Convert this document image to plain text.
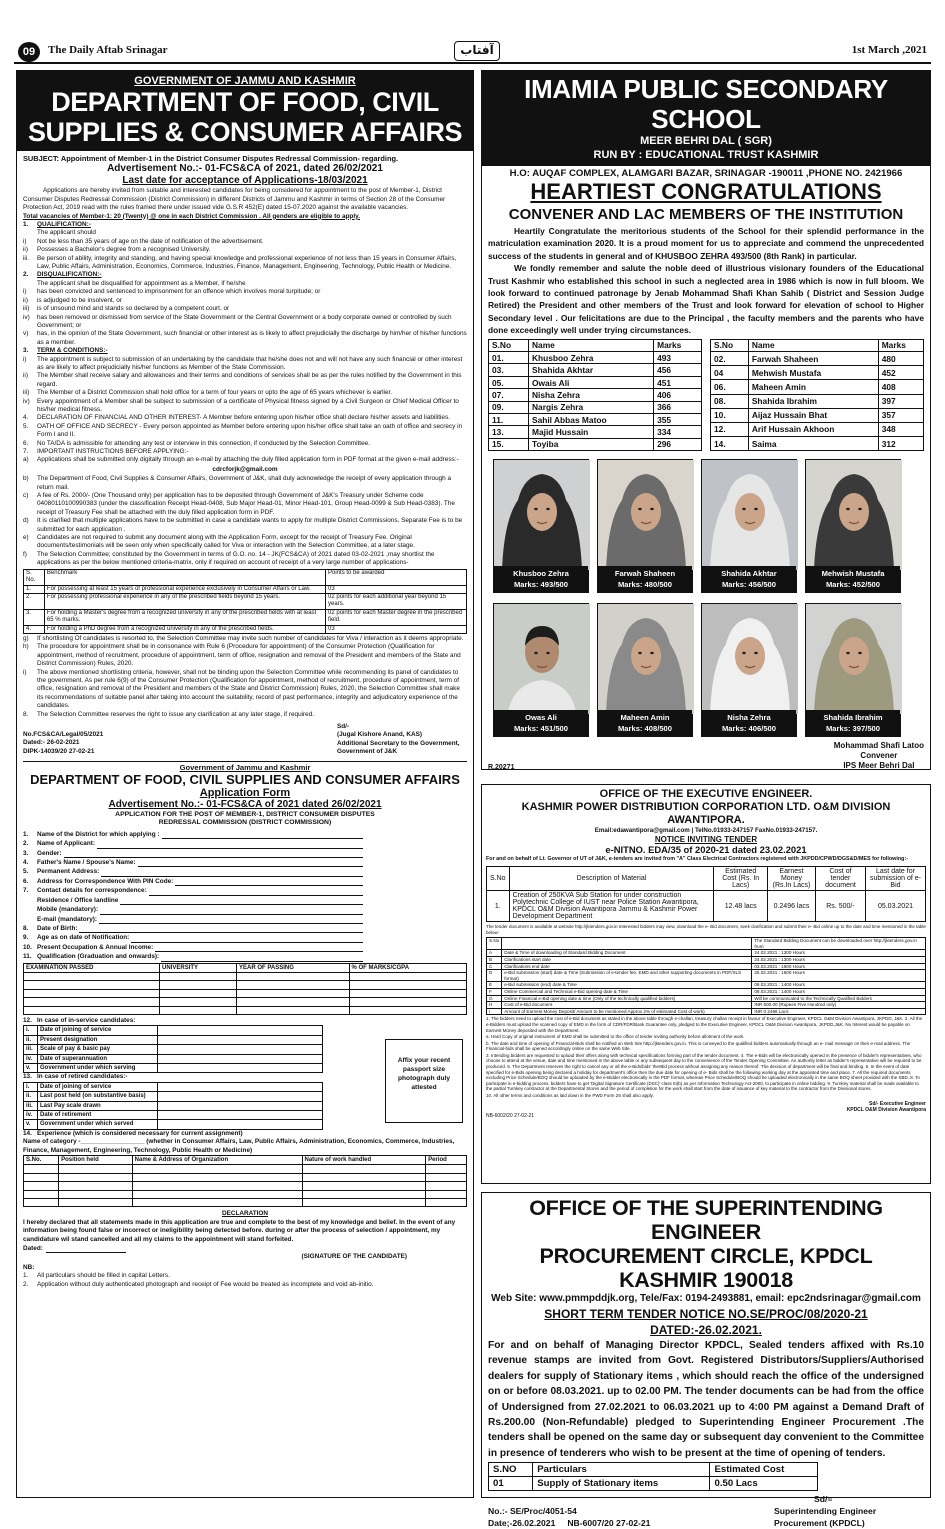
09	The Daily Aftab Srinagar	آفتاب	1st March ,2021
GOVERNMENT OF JAMMU AND KASHMIR
DEPARTMENT OF FOOD, CIVIL
SUPPLIES & CONSUMER AFFAIRS
SUBJECT: Appointment of Member-1 in the District Consumer Disputes Redressal Commission- regarding.
Advertisement No.:- 01-FCS&CA of 2021, dated 26/02/2021
Last date for acceptance of Applications-18/03/2021
Applications are hereby invited from suitable and interested candidates for being considered for appointment to the post of Member-1, District Consumer Disputes Redressal Commission (District Commission) in different Districts of Jammu and Kashmir in terms of Section 28 of the Consumer Protection Act, 2019 read with the rules framed there under issued vide G.S.R 452(E) dated 15-07.2020 against the available vacancies.
Total vacancies of Member-1: 20 (Twenty) @ one in each District Commission . All genders are eligible to apply.
1.	QUALIFICATION:-
The applicant should
i)	Not be less than 35 years of age on the date of notification of the advertisement.
ii)	Possesses a Bachelor's degree from a recognised University.
iii.	Be person of ability, integrity and standing, and having special knowledge and professional experience of not less than 15 years in Consumer Affairs, Law, Public Affairs, Administration, Economics, Commerce, Industries, Finance, Management, Engineering, Technology, Public Health or Medicine.
2.	DISQUALIFICATION:-
The applicant shall be disqualified for appointment as a Member, if he/she
i)	has been convicted and sentenced to imprisonment for an offence which involves moral turpitude; or
ii)	is adjudged to be insolvent, or
iii)	is of unsound mind and stands so declared by a competent court, or
iv)	has been removed or dismissed from service of the State Government or the Central Government or a body corporate owned or controlled by such Government; or
v)	has, in the opinion of the State Government, such financial or other interest as is likely to affect prejudicially the discharge by him/her of his/her functions as a member.
3.	TERM & CONDITIONS:-
i)	The appointment is subject to submission of an undertaking by the candidate that he/she does not and will not have any such financial or other interest as are likely to affect prejudicially his/her functions as Member of the State Commission.
ii)	The Member shall receive salary and allowances and their terms and conditions of services shall be as per the rules notified by the Government in this regard.
iii)	The Member of a District Commission shall hold office for a term of four years or upto the age of 65 years whichever is earlier.
iv)	Every appointment of a Member shall be subject to submission of a certificate of Physical fitness signed by a Civil Surgeon or Chief Medical Officer to his/her medical fitness.
4.	DECLARATION OF FINANCIAL AND OTHER INTEREST- A Member before entering upon his/her office shall declare his/her assets and liabilities.
5.	OATH OF OFFICE AND SECRECY - Every person appointed as Member before entering upon his/her office shall take an oath of office and secrecy in Form I and II.
6.	No TA/DA is admissible for attending any test or interview in this connection, if conducted by the Selection Committee.
7.	IMPORTANT INSTRUCTIONS BEFORE APPLYING:-
a)	Applications shall be submitted only digitally through an e-mail by attaching the duly filled application form in PDF format at the given e-mail address:-
cdrcforjk@gmail.com
b)	The Department of Food, Civil Supplies & Consumer Affairs, Government of J&K, shall duly acknowledge the receipt of every application through a return mail.
c)	A fee of Rs. 2000/- (One Thousand only) per application has to be deposited through Government of J&K's Treasury under Scheme code 04080110100990383 (under the classification Receipt Head-0408, Sub Major Head-01, Minor Head-101, Group Head-0099 & Sub Head-0383). The receipt of Treasury Fee shall be attached with the duly filled application form in PDF.
d)	It is clarified that multiple applications have to be submitted in case a candidate wants to apply for multiple District Commissions. Separate Fee is to be submitted for each application .
e)	Candidates are not required to submit any document along with the Application Form, except for the receipt of Treasury Fee. Original documents/testimonials will be seen only when specifically called for Viva or interaction with the Selection Committee, at a later stage.
f)	The Selection Committee; constituted by the Government in terms of G.O. no. 14 - JK(FCS&CA) of 2021 dated 03-02-2021 ,may shortlist the applications as per the below mentioned criteria-matrix, only if required on account of receipt of a very large number of applications-
S. No.	Benchmark	Points to be awarded
1.	For possessing at least 15 years of professional experience exclusively in Consumer Affairs or Law.	03
2.	For possessing professional experience in any of the prescribed fields beyond 15 years.	02 points for each additional year beyond 15 years.
3.	For holding a Master's degree from a recognized university in any of the prescribed fields with at least 65 % marks.	02 points for each Master degree in the prescribed field.
4.	For holding a PhD degree from a recognized university in any of the prescribed fields.	03
g)	If shortlisting Of candidates is resorted to, the Selection Committee may invite such number of candidates for Viva / interaction as it deems appropriate.
h)	The procedure for appointment shall be in consonance with Rule 6 (Procedure for appointment) of the Consumer Protection (Qualification for appointment, method of recruitment, procedure of appointment, term of office, resignation and removal of the President and members of the State and District Commission) Rules, 2020.
i)	The above mentioned shortlisting criteria, however, shall not be binding upon the Selection Committee while recommending its panel of candidates to the government. As per rule 6(9) of the Consumer Protection (Qualification for appointment, method of recruitment, procedure of appointment, term of office, resignation and removal of the President and members of the State and District Commission) Rules, 2020, the Selection Committee shall make its recommendations of suitable panel after taking into account the suitability, record of past performance, integrity and adjudicatory experience of the candidates.
8.	The Selection Committee reserves the right to issue any clarification at any later stage, if required.
No.FCS&CA/Legal/05/2021
Dated:- 26-02-2021
DIPK-14039/20 27-02-21
Sd/-
(Jugal Kishore Anand, KAS)
Additional Secretary to the Government,
Government of J&K
Government of Jammu and Kashmir
DEPARTMENT OF FOOD, CIVIL SUPPLIES AND CONSUMER AFFAIRS
Application Form
Advertisement No.:- 01-FCS&CA of 2021 dated 26/02/2021
APPLICATION FOR THE POST OF MEMBER-1, DISTRICT CONSUMER DISPUTES
REDRESSAL COMMISSION (DISTRICT COMMISSION)
1.	Name of the District for which applying :
2.	Name of Applicant:
3.	Gender:
4.	Father's Name / Spouse's Name:
5.	Permanent Address:
6.	Address for Correspondence With PIN Code:
7.	Contact details for correspondence:
Residence / Office landline
Mobile (mandatory):
E-mail (mandatory):
8.	Date of Birth:
9.	Age as on date of Notification:
10. Present Occupation & Annual Income:
11. Qualification (Graduation and onwards):
EXAMINATION PASSED	UNIVERSITY	YEAR OF PASSING	% OF MARKS/CGPA

12. In case of in-service candidates:
i.	Date of joining of service	
ii.	Present designation	
iii.	Scale of pay & basic pay	
iv.	Date of superannuation	
v.	Government under which serving	
13. In case of retired candidates:-
i.	Date of joining of service	
ii.	Last post held (on substantive basis)	
iii.	Last Pay scale drawn	
iv.	Date of retirement	
v.	Government under which served	
14. Experience (which is considered necessary for current assignment)
Name of category -__________________ (whether in Consumer Affairs, Law, Public Affairs, Administration, Economics, Commerce, Industries, Finance, Management, Engineering, Technology, Public Health or Medicine)
S.No.	Position held	Name & Address of Organization	Nature of work handled	Period

DECLARATION
I hereby declared that all statements made in this application are true and complete to the best of my knowledge and belief. In the event of any information being found false or incorrect or ineligibility being detected before. during or after the process of selection / appointment, my candidature wil stand cancelled and all my claims to the appointment will stand forfeited.
Dated:
(SIGNATURE OF THE CANDIDATE)
NB:
1.	All particulars should be filled in capital Letters.
2.	Application without duly authenticated photograph and receipt of Fee would be treated as incomplete and void ab-initio.
Affix your recent passport size photograph duly attested
IMAMIA PUBLIC SECONDARY SCHOOL
MEER BEHRI DAL ( SGR)
RUN BY : EDUCATIONAL TRUST KASHMIR
H.O: AUQAF COMPLEX, ALAMGARI BAZAR, SRINAGAR -190011 ,PHONE NO. 2421966
HEARTIEST CONGRATULATIONS
CONVENER AND LAC MEMBERS OF THE INSTITUTION
Heartily Congratulate the meritorious students of the School for their splendid performance in the matriculation examination 2020. It is a proud moment for us to appreciate and commend the unprecedented success of the students in general and of KHUSBOO ZEHRA 493/500 (8th Rank) in particular.
We fondly remember and salute the noble deed of illustrious visionary founders of the Educational Trust Kashmir who established this school in such a neglected area in 1986 which is now in full bloom. We look forward to continued patronage by Jenab Mohammad Shafi Khan Sahib ( District and Session Judge Retired) the President and other members of the Trust and look forward for elevation of school to Higher Secondary level . Our felicitations are due to the Principal , the faculty members and the parents who have done exceedingly well under trying circumstances.
S.No	Name	Marks
01.	Khusboo Zehra	493
03.	Shahida Akhtar	456
05.	Owais Ali	451
07.	Nisha Zehra	406
09.	Nargis Zehra	366
11.	Sahil Abbas Matoo	355
13.	Majid Hussain	334
15.	Toyiba	296
S.No	Name	Marks
02.	Farwah Shaheen	480
04	Mehwish Mustafa	452
06.	Maheen Amin	408
08.	Shahida Ibrahim	397
10.	Aijaz Hussain Bhat	357
12.	Arif Hussain Akhoon	348
14.	Saima	312
Khusboo Zehra
Marks: 493/500
Farwah Shaheen
Marks: 480/500
Shahida Akhtar
Marks: 456/500
Mehwish Mustafa
Marks: 452/500
Owas Ali
Marks: 451/500
Maheen Amin
Marks: 408/500
Nisha Zehra
Marks: 406/500
Shahida Ibrahim
Marks: 397/500
R.20271
Mohammad Shafi Latoo
Convener
IPS Meer Behri Dal
OFFICE OF THE EXECUTIVE ENGINEER.
KASHMIR POWER DISTRIBUTION CORPORATION LTD. O&M DIVISION AWANTIPORA.
Email:edawantipora@gmail.com | TelNo.01933-247157 FaxNo.01933-247157.
NOTICE INVITING TENDER
e-NITNO. EDA/35 of 2020-21 dated 23.02.2021
For and on behalf of Lt. Governor of UT of J&K, e-tenders are invited from "A" Class Electrical Contractors registered with JKPDD/CPWD/DGS&D/MES for following:-
S.No	Description of Material	Estimated Cost (Rs. In Lacs)	Earnest Money (Rs.In Lacs)	Cost of tender document	Last date for submission of e-Bid
1.	Creation of 250KVA Sub Station for under construction Polytechnic College of IUST near Police Station Awantipora, KPDCL O&M Division Awantipora Jammu & Kashmir Power Development Department	12.48 lacs	0.2496 lacs	Rs. 500/-	05.03.2021
The tender document is available at website http://jktenders.gov.in Interested bidders may view, download the e- Bid document, seek clarification and submit their e- Bid online up to the date and time mentioned in the table below:
S.No		The Standard Bidding Document can be downloaded over http://jktenders.gov.in from
A	Date & Time of downloading of Standard Bidding Document	24.02.2021 : 1300 Hours
B	Clarifications start date	24.02.2021 : 1300 Hours
C	Clarifications end date	03.03.2021 : 1600 Hours
D	e-Bid submission (start) date & Time (Submission of e-tender fee, EMD and other supporting documents in PDF/XLS format)	25.02.2021 : 1600 Hours
E	e-Bid submission (end) date & Time	06.03.2021 : 1400 Hours
F	Online Commercial and Technical e-Bid opening date & Time	08.03.2021 : 1400 Hours
G	Online Financial e-Bid opening date & time (Only of the technically qualified bidders)	Will be communicated to the Technically Qualified Bidders
H	Cost of e-Bid document	INR 500.00 (Rupees Five Hundred only)
I	Amount of Earnest Money Deposit/ Amount to be mentioned Approx 2% of estimated Cost of work)	INR 0.2496 Lacs
1. The bidders need to upload the cost of e-Bid document as stated in the above table through e-challan, treasury challan receipt in favour of Executive Engineer, KPDCL O&M Division Awantipora, JKPDD, J&K. 2. All the e-Bidders must upload the scanned copy of EMD in the form of CDR/FDR/Bank Guarantee only, pledged to the Executive Engineer, KPDCL O&M Division Awantipora, JKPDD,J&K. No Interest would be payable on Earnest Money deposited with the Department.
a. Hard Copy of original instrument of EMD shall be submitted to the office of tender inviting authority before allotment of the work.
b. The date and time of opening of Financial-Bids shall be notified on Web Site http://jktenders.gov.in. This is conveyed to the qualified bidders automatically through an e- mail message on their e-mail address. The Financial-bids shall be opened accordingly online on the same Web Site.
3. Intending bidders are requested to upload their offers along with technical specifications forming part of the tender document. 4. The e-Bids will be electronically opened in the presence of bidder's representatives, who choose to attend at the venue, date and time mentioned in the above table or any subsequent day to the convenience of the Tender Opening Committee. An authority letter as bidder's representative will be required to be produced. 5. The Department reserves the right to cancel any or all the e-Bids/bids' therBid process without assigning any reason thereof. The decision of department will be final and binding. 6. In the event of date specified for e-Bids opening being declared a holiday for department's office then the due date for opening of e- Bids shall be the following working day at the appointed time and place. 7. All the required documents excluding Price Schedule/BOQ should be uploaded by the e-Bidder electronically in the PDF format, whereas Price Schedule/BOQ should be uploaded electronically in the same BOQ sheet provided with the SBD. 8. To participate in e-bidding process, bidders have to get 'Digital Signature Certificate (DSC)' class III(b) as per Information Technology Act-2000, to participate in online bidding. 9. Turnkey material shall be made available to the partial Turnkey contractor at the Departmental Stores and the period of completion for the work shall start from the date of issuance of key material to the contractor from the Divisional stores.
10. All other terms and conditions as laid down in the PWD Form 25 shall also apply.
Sd/- Executive Engineer
KPDCL O&M Division Awantipora
NB-6002/20 27-02-21
OFFICE OF THE SUPERINTENDING ENGINEER
PROCUREMENT CIRCLE, KPDCL KASHMIR 190018
Web Site: www.pmmpddjk.org, Tele/Fax: 0194-2493881, email: epc2ndsrinagar@gmail.com
SHORT TERM TENDER NOTICE NO.SE/PROC/08/2020-21 DATED:-26.02.2021.
For and on behalf of Managing Director KPDCL, Sealed tenders affixed with Rs.10 revenue stamps are invited from Govt. Registered Distributors/Suppliers/Authorised dealers for supply of Stationary items , which should reach the office of the undersigned on or before 08.03.2021. up to 02.00 PM. The tender documents can be had from the office of Undersigned from 27.02.2021 to 06.03.2021 up to 4:00 PM against a Demand Draft of Rs.200.00 (Non-Refundable) pledged to Superintending Engineer Procurement .The tenders shall be opened on the same day or subsequent day convenient to the Committee in presence of tenderers who wish to be present at the time of opening of tenders.
S.NO	Particulars	Estimated Cost
01	Supply of Stationary items	0.50 Lacs
No.:- SE/Proc/4051-54
Date;-26.02.2021 NB-6007/20 27-02-21
Sd/=
Superintending Engineer
Procurement (KPDCL)
